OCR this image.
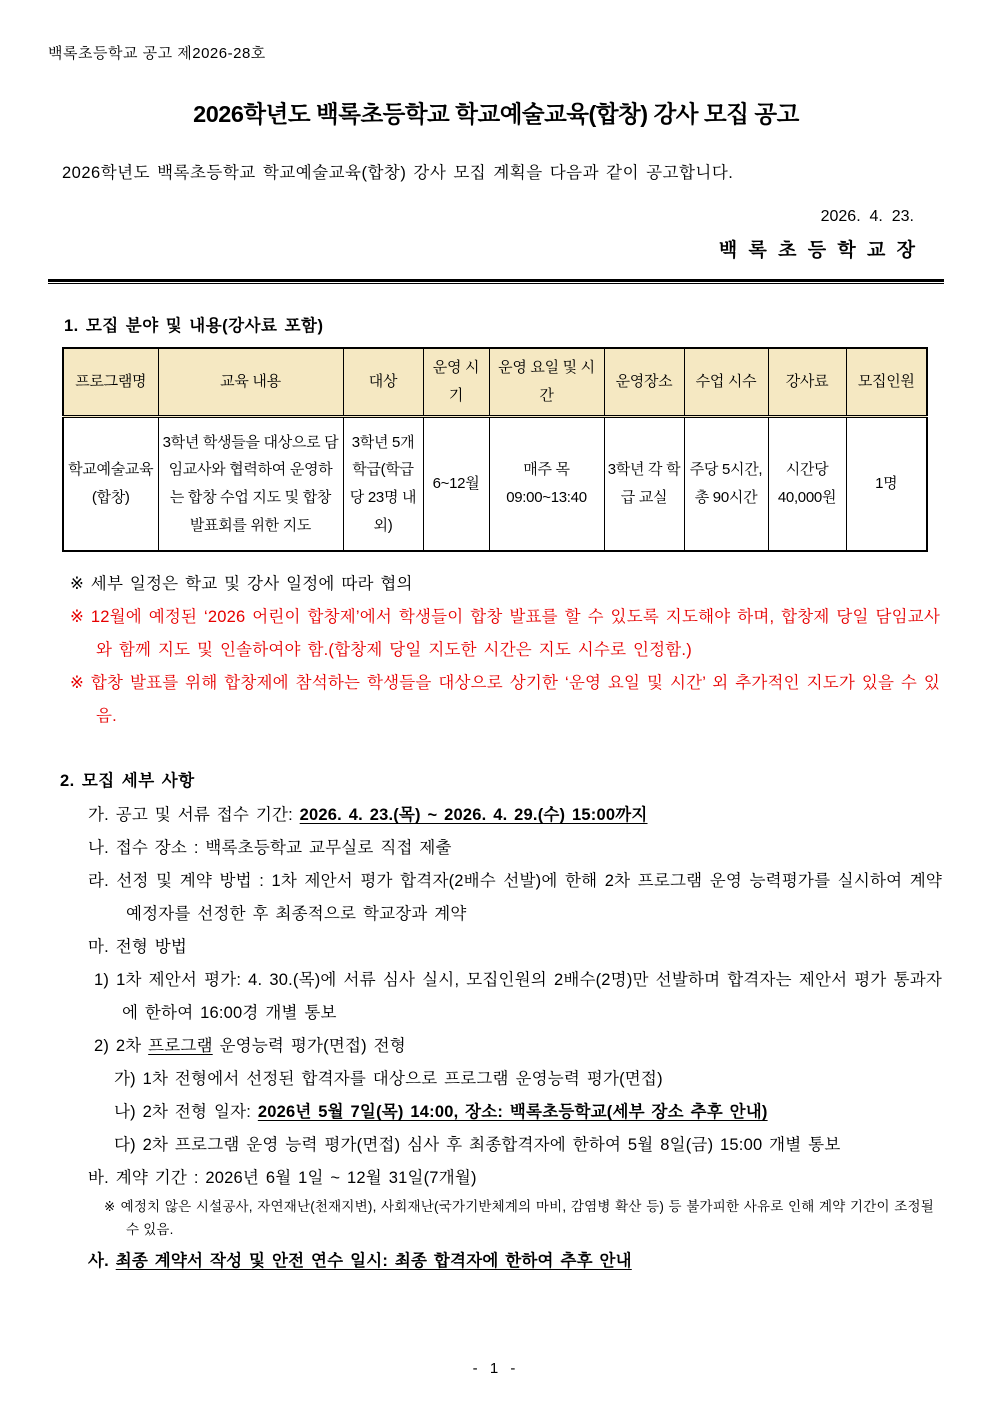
백록초등학교 공고 제2026-28호
2026학년도 백록초등학교 학교예술교육(합창) 강사 모집 공고

2026학년도 백록초등학교 학교예술교육(합창) 강사 모집 계획을 다음과 같이 공고합니다.

2026.  4.  23.
백 록 초 등 학 교 장
1. 모집 분야 및 내용(강사료 포함)
프로그램명	교육 내용	대상	운영 시기	운영 요일 및 시간	운영장소	수업 시수	강사료	모집인원
학교예술교육 (합창)	3학년 학생들을 대상으로 담임교사와 협력하여 운영하는 합창 수업 지도 및 합창 발표회를 위한 지도	3학년 5개 학급(학급당 23명 내외)	6~12월	매주 목 09:00~13:40	3학년 각 학급 교실	주당 5시간, 총 90시간	시간당 40,000원	1명
※ 세부 일정은 학교 및 강사 일정에 따라 협의
※ 12월에 예정된 ‘2026 어린이 합창제’에서 학생들이 합창 발표를 할 수 있도록 지도해야 하며, 합창제 당일 담임교사와 함께 지도 및 인솔하여야 함.(합창제 당일 지도한 시간은 지도 시수로 인정함.)
※ 합창 발표를 위해 합창제에 참석하는 학생들을 대상으로 상기한 ‘운영 요일 및 시간’ 외 추가적인 지도가 있을 수 있음.
2. 모집 세부 사항
가. 공고 및 서류 접수 기간: 2026. 4. 23.(목) ~ 2026. 4. 29.(수) 15:00까지
나. 접수 장소 : 백록초등학교 교무실로 직접 제출
라. 선정 및 계약 방법 : 1차 제안서 평가 합격자(2배수 선발)에 한해 2차 프로그램 운영 능력평가를 실시하여 계약 예정자를 선정한 후 최종적으로 학교장과 계약
마. 전형 방법
1) 1차 제안서 평가: 4. 30.(목)에 서류 심사 실시, 모집인원의 2배수(2명)만 선발하며 합격자는 제안서 평가 통과자에 한하여 16:00경 개별 통보
2) 2차 프로그램 운영능력 평가(면접) 전형
가) 1차 전형에서 선정된 합격자를 대상으로 프로그램 운영능력 평가(면접)
나) 2차 전형 일자: 2026년 5월 7일(목) 14:00, 장소: 백록초등학교(세부 장소 추후 안내)
다) 2차 프로그램 운영 능력 평가(면접) 심사 후 최종합격자에 한하여 5월 8일(금) 15:00 개별 통보
바. 계약 기간 : 2026년 6월 1일 ~ 12월 31일(7개월)
※ 예정치 않은 시설공사, 자연재난(천재지변), 사회재난(국가기반체계의 마비, 감염병 확산 등) 등 불가피한 사유로 인해 계약 기간이 조정될 수 있음.
사. 최종 계약서 작성 및 안전 연수 일시: 최종 합격자에 한하여 추후 안내
- 1 -
